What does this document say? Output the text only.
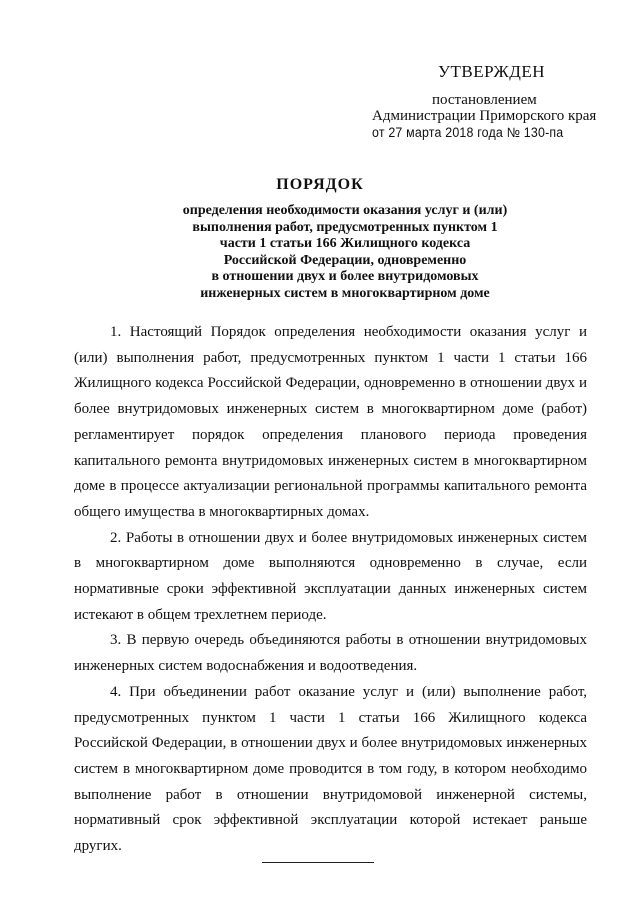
УТВЕРЖДЕН
постановлением
Администрации Приморского края
от 27 марта 2018 года № 130-па
ПОРЯДОК
определения необходимости оказания услуг и (или)
выполнения работ, предусмотренных пунктом 1
части 1 статьи 166 Жилищного кодекса
Российской Федерации, одновременно
в отношении двух и более внутридомовых
инженерных систем в многоквартирном доме

1. Настоящий Порядок определения необходимости оказания услуг и (или) выполнения работ, предусмотренных пунктом 1 части 1 статьи 166 Жилищного кодекса Российской Федерации, одновременно в отношении двух и более внутридомовых инженерных систем в многоквартирном доме (работ) регламентирует порядок определения планового периода проведения капитального ремонта внутридомовых инженерных систем в многоквартирном доме в процессе актуализации региональной программы капитального ремонта общего имущества в многоквартирных домах.

2. Работы в отношении двух и более внутридомовых инженерных систем в многоквартирном доме выполняются одновременно в случае, если нормативные сроки эффективной эксплуатации данных инженерных систем истекают в общем трехлетнем периоде.

3. В первую очередь объединяются работы в отношении внутридомовых инженерных систем водоснабжения и водоотведения.

4. При объединении работ оказание услуг и (или) выполнение работ, предусмотренных пунктом 1 части 1 статьи 166 Жилищного кодекса Российской Федерации, в отношении двух и более внутридомовых инженерных систем в многоквартирном доме проводится в том году, в котором необходимо выполнение работ в отношении внутридомовой инженерной системы, нормативный срок эффективной эксплуатации которой истекает раньше других.
